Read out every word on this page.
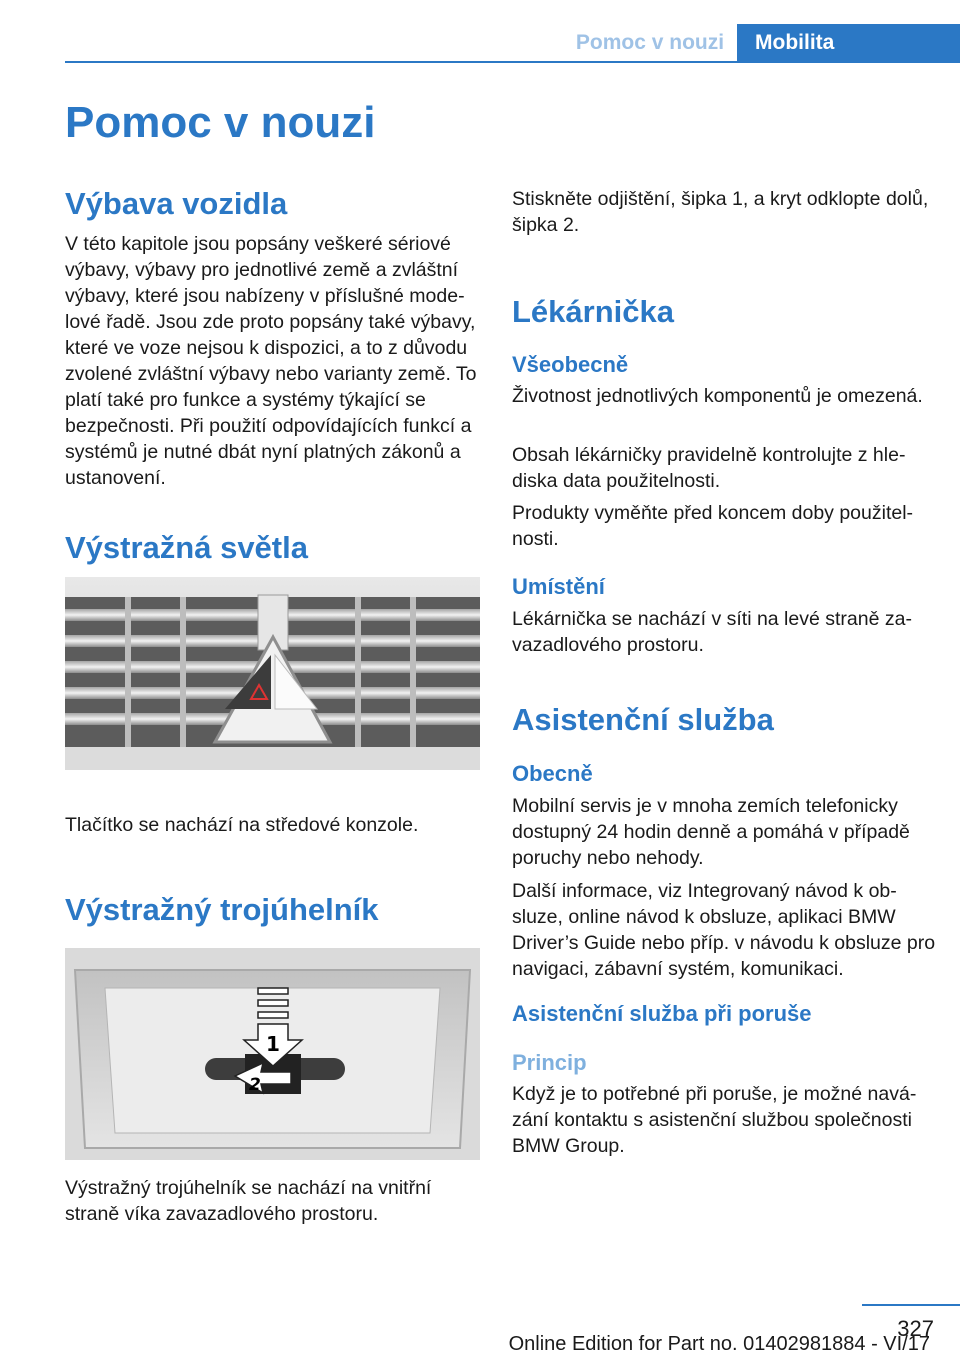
Pomoc v nouzi	Mobilita
Pomoc v nouzi
Výbava vozidla
V této kapitole jsou popsány veškeré sériové výbavy, výbavy pro jednotlivé země a zvláštní výbavy, které jsou nabízeny v příslušné modelové řadě. Jsou zde proto popsány také výbavy, které ve voze nejsou k dispozici, a to z důvodu zvolené zvláštní výbavy nebo varianty země. To platí také pro funkce a systémy týkající se bezpečnosti. Při použití odpovídajících funkcí a systémů je nutné dbát nyní platných zákonů a ustanovení.
Výstražná světla
Tlačítko se nachází na středové konzole.
Výstražný trojúhelník
1
2
Výstražný trojúhelník se nachází na vnitřní straně víka zavazadlového prostoru.
Stiskněte odjištění, šipka 1, a kryt odklopte dolů, šipka 2.
Lékárnička
Všeobecně
Životnost jednotlivých komponentů je omezená.
Obsah lékárničky pravidelně kontrolujte z hlediska data použitelnosti.
Produkty vyměňte před koncem doby použitelnosti.
Umístění
Lékárnička se nachází v síti na levé straně zavazadlového prostoru.
Asistenční služba
Obecně
Mobilní servis je v mnoha zemích telefonicky dostupný 24 hodin denně a pomáhá v případě poruchy nebo nehody.
Další informace, viz Integrovaný návod k obsluze, online návod k obsluze, aplikaci BMW Driver’s Guide nebo příp. v návodu k obsluze pro navigaci, zábavní systém, komunikaci.
Asistenční služba při poruše
Princip
Když je to potřebné při poruše, je možné navázání kontaktu s asistenční službou společnosti BMW Group.
327
Online Edition for Part no. 01402981884 - VI/17
